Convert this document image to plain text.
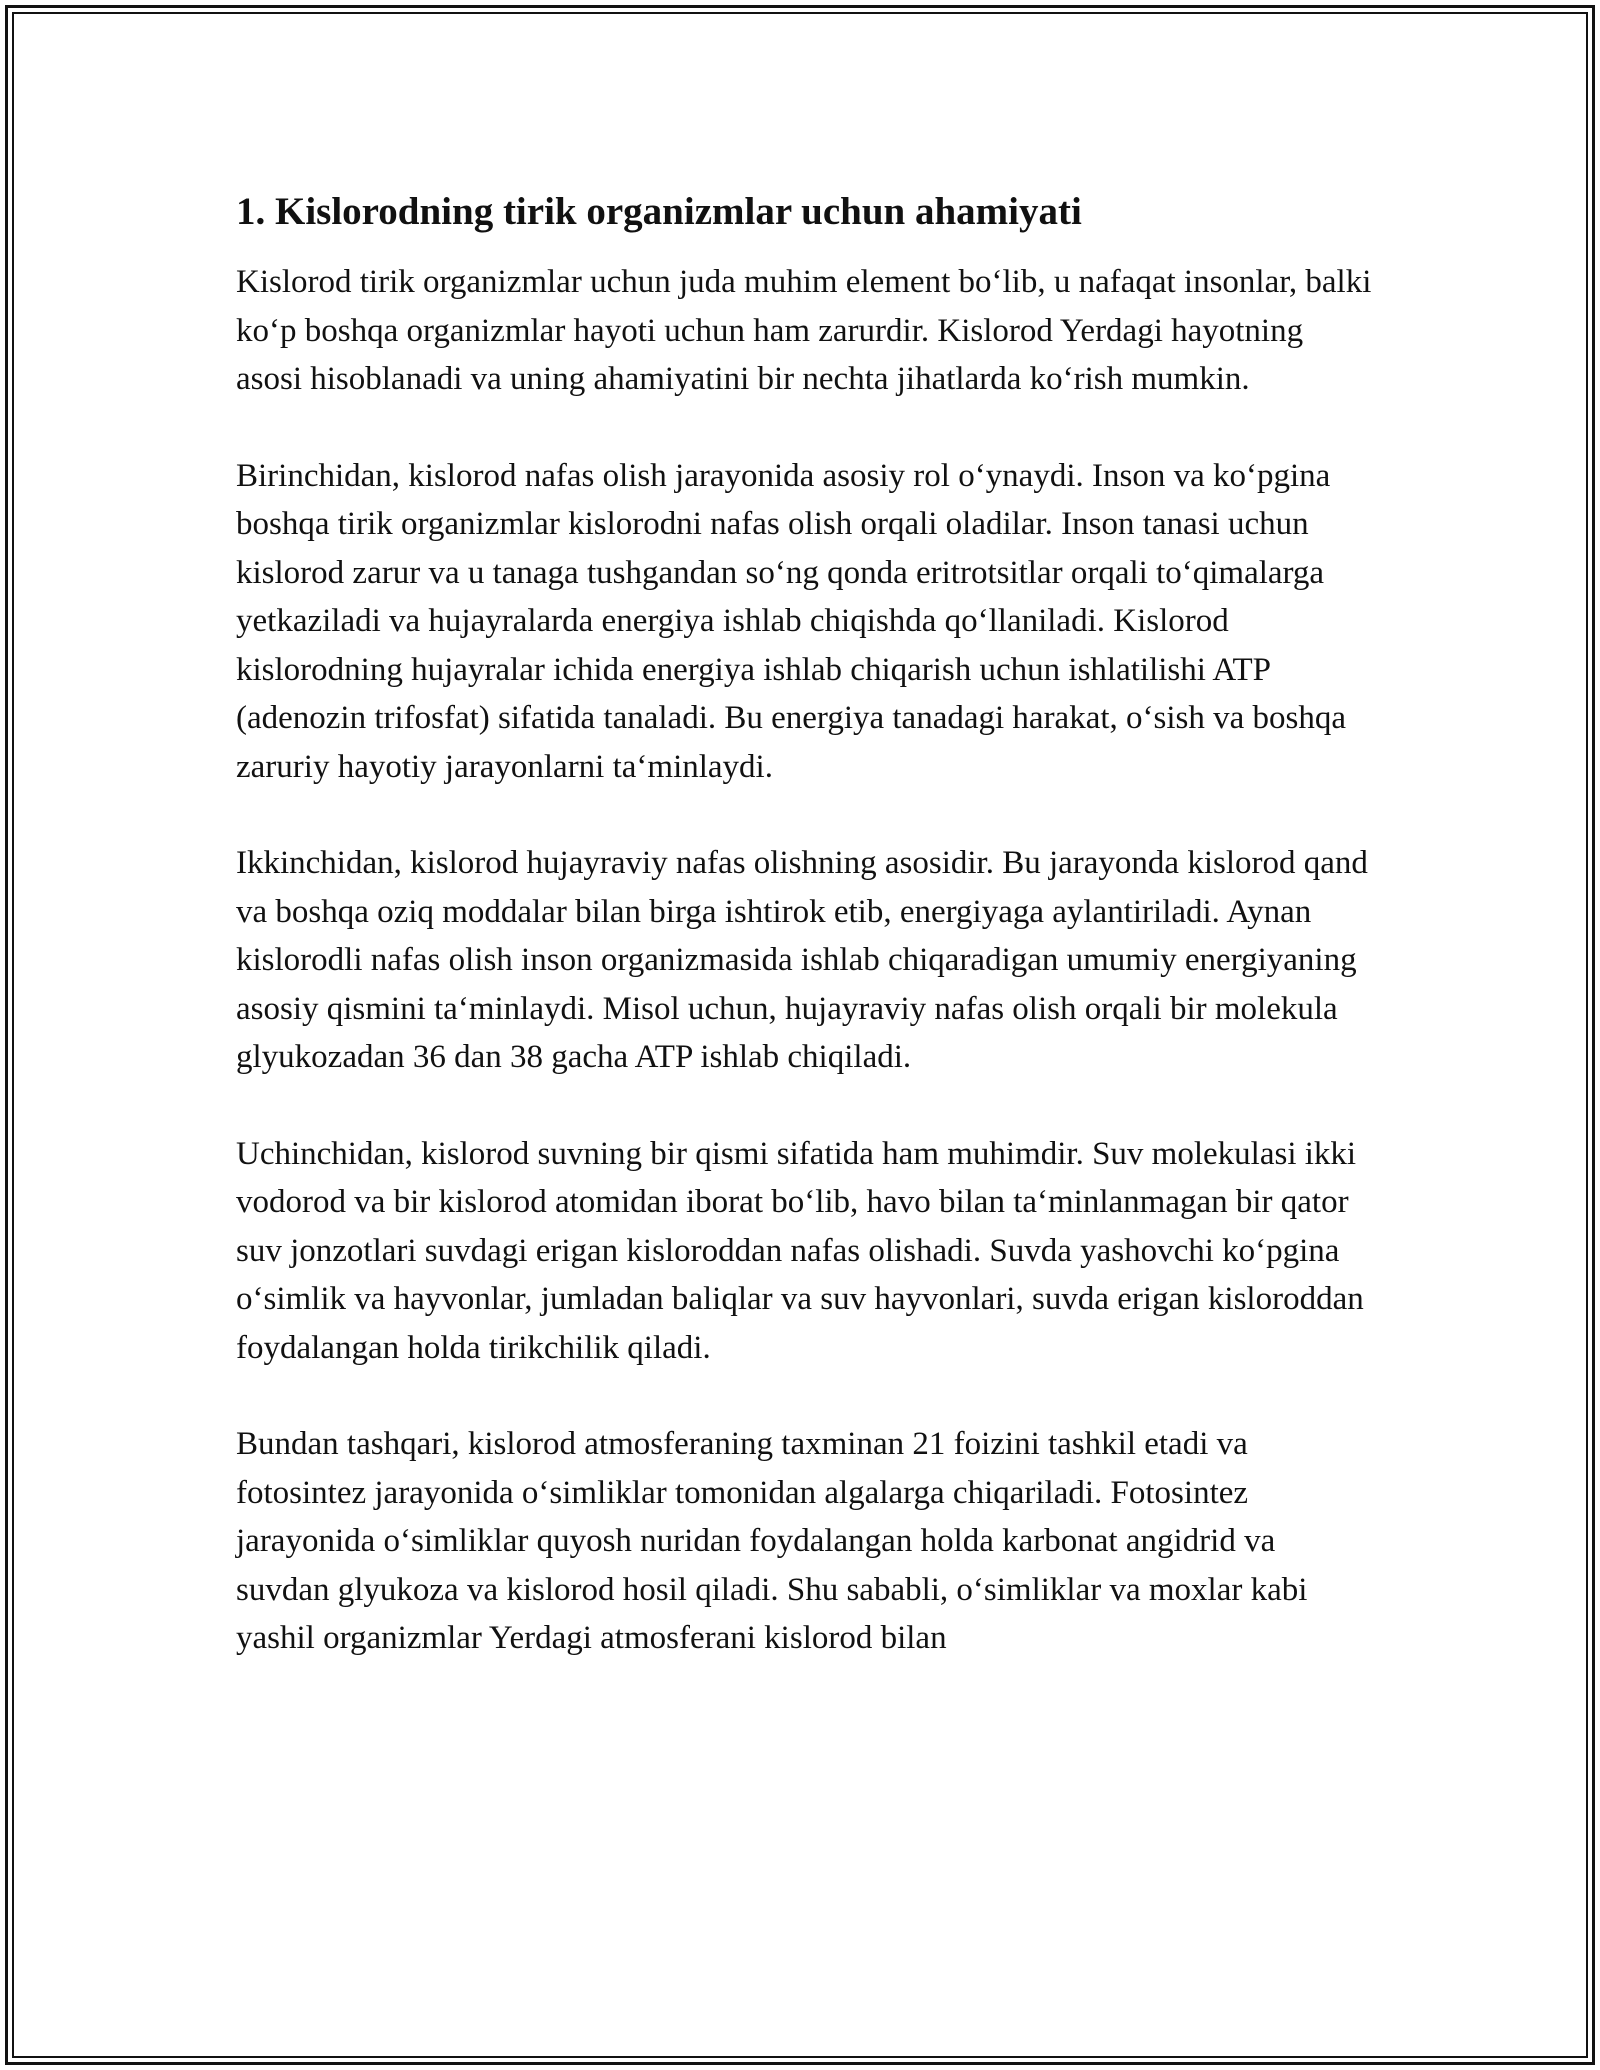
1. Kislorodning tirik organizmlar uchun ahamiyati

Kislorod tirik organizmlar uchun juda muhim element bo‘lib, u nafaqat insonlar, balki ko‘p boshqa organizmlar hayoti uchun ham zarurdir. Kislorod Yerdagi hayotning asosi hisoblanadi va uning ahamiyatini bir nechta jihatlarda ko‘rish mumkin.

Birinchidan, kislorod nafas olish jarayonida asosiy rol o‘ynaydi. Inson va ko‘pgina boshqa tirik organizmlar kislorodni nafas olish orqali oladilar. Inson tanasi uchun kislorod zarur va u tanaga tushgandan so‘ng qonda eritrotsitlar orqali to‘qimalarga yetkaziladi va hujayralarda energiya ishlab chiqishda qo‘llaniladi. Kislorod kislorodning hujayralar ichida energiya ishlab chiqarish uchun ishlatilishi ATP (adenozin trifosfat) sifatida tanaladi. Bu energiya tanadagi harakat, o‘sish va boshqa zaruriy hayotiy jarayonlarni ta‘minlaydi.

Ikkinchidan, kislorod hujayraviy nafas olishning asosidir. Bu jarayonda kislorod qand va boshqa oziq moddalar bilan birga ishtirok etib, energiyaga aylantiriladi. Aynan kislorodli nafas olish inson organizmasida ishlab chiqaradigan umumiy energiyaning asosiy qismini ta‘minlaydi. Misol uchun, hujayraviy nafas olish orqali bir molekula glyukozadan 36 dan 38 gacha ATP ishlab chiqiladi.

Uchinchidan, kislorod suvning bir qismi sifatida ham muhimdir. Suv molekulasi ikki vodorod va bir kislorod atomidan iborat bo‘lib, havo bilan ta‘minlanmagan bir qator suv jonzotlari suvdagi erigan kisloroddan nafas olishadi. Suvda yashovchi ko‘pgina o‘simlik va hayvonlar, jumladan baliqlar va suv hayvonlari, suvda erigan kisloroddan foydalangan holda tirikchilik qiladi.

Bundan tashqari, kislorod atmosferaning taxminan 21 foizini tashkil etadi va fotosintez jarayonida o‘simliklar tomonidan algalarga chiqariladi. Fotosintez jarayonida o‘simliklar quyosh nuridan foydalangan holda karbonat angidrid va suvdan glyukoza va kislorod hosil qiladi. Shu sababli, o‘simliklar va moxlar kabi yashil organizmlar Yerdagi atmosferani kislorod bilan
